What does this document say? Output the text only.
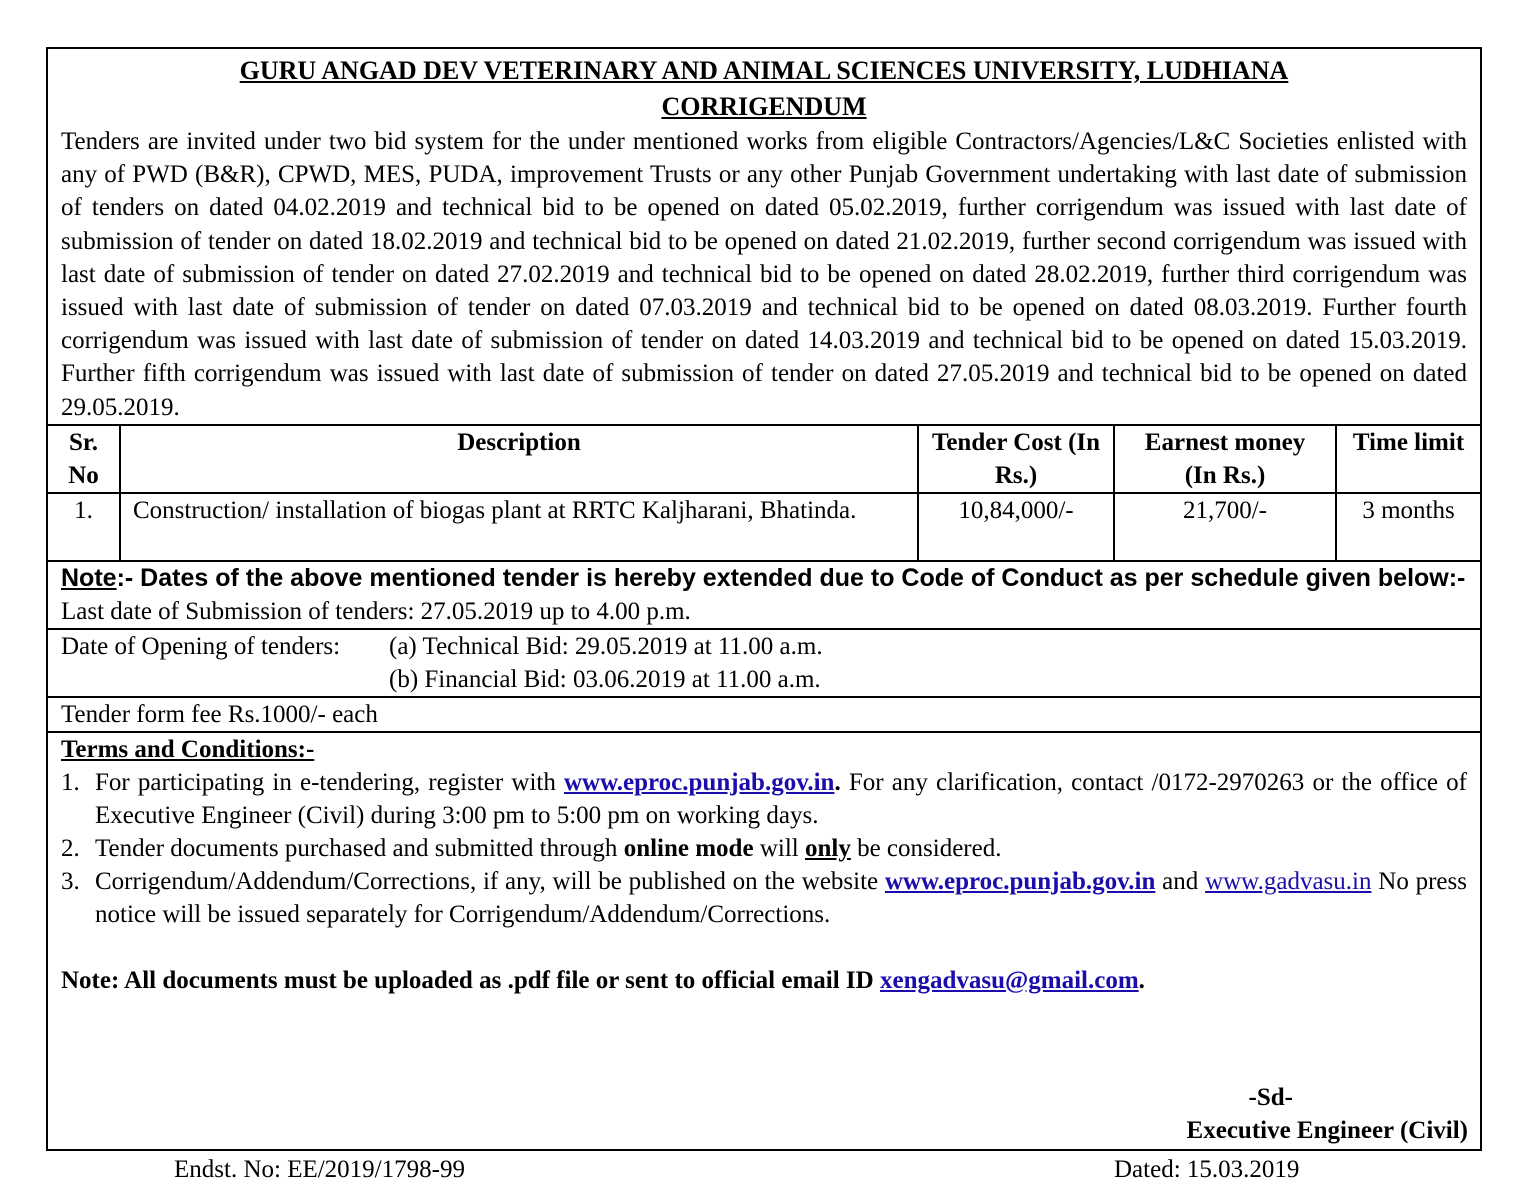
GURU ANGAD DEV VETERINARY AND ANIMAL SCIENCES UNIVERSITY, LUDHIANA
CORRIGENDUM
Tenders are invited under two bid system for the under mentioned works from eligible Contractors/Agencies/L&C Societies enlisted with any of PWD (B&R), CPWD, MES, PUDA, improvement Trusts or any other Punjab Government undertaking with last date of submission of tenders on dated 04.02.2019 and technical bid to be opened on dated 05.02.2019, further corrigendum was issued with last date of submission of tender on dated 18.02.2019 and technical bid to be opened on dated 21.02.2019, further second corrigendum was issued with last date of submission of tender on dated 27.02.2019 and technical bid to be opened on dated 28.02.2019, further third corrigendum was issued with last date of submission of tender on dated 07.03.2019 and technical bid to be opened on dated 08.03.2019. Further fourth corrigendum was issued with last date of submission of tender on dated 14.03.2019 and technical bid to be opened on dated 15.03.2019. Further fifth corrigendum was issued with last date of submission of tender on dated 27.05.2019 and technical bid to be opened on dated 29.05.2019.
Sr. No	Description	Tender Cost (In Rs.)	Earnest money (In Rs.)	Time limit
1.	Construction/ installation of biogas plant at RRTC Kaljharani, Bhatinda.	10,84,000/-	21,700/-	3 months
Note:- Dates of the above mentioned tender is hereby extended due to Code of Conduct as per schedule given below:-
Last date of Submission of tenders: 27.05.2019 up to 4.00 p.m.
Date of Opening of tenders:	(a) Technical Bid: 29.05.2019 at 11.00 a.m.
(b) Financial Bid: 03.06.2019 at 11.00 a.m.
Tender form fee Rs.1000/- each
Terms and Conditions:-
1. For participating in e-tendering, register with www.eproc.punjab.gov.in. For any clarification, contact /0172-2970263 or the office of Executive Engineer (Civil) during 3:00 pm to 5:00 pm on working days.
2. Tender documents purchased and submitted through online mode will only be considered.
3. Corrigendum/Addendum/Corrections, if any, will be published on the website www.eproc.punjab.gov.in and www.gadvasu.in No press notice will be issued separately for Corrigendum/Addendum/Corrections.
Note: All documents must be uploaded as .pdf file or sent to official email ID xengadvasu@gmail.com.
-Sd-
Executive Engineer (Civil)
Endst. No: EE/2019/1798-99	Dated: 15.03.2019
